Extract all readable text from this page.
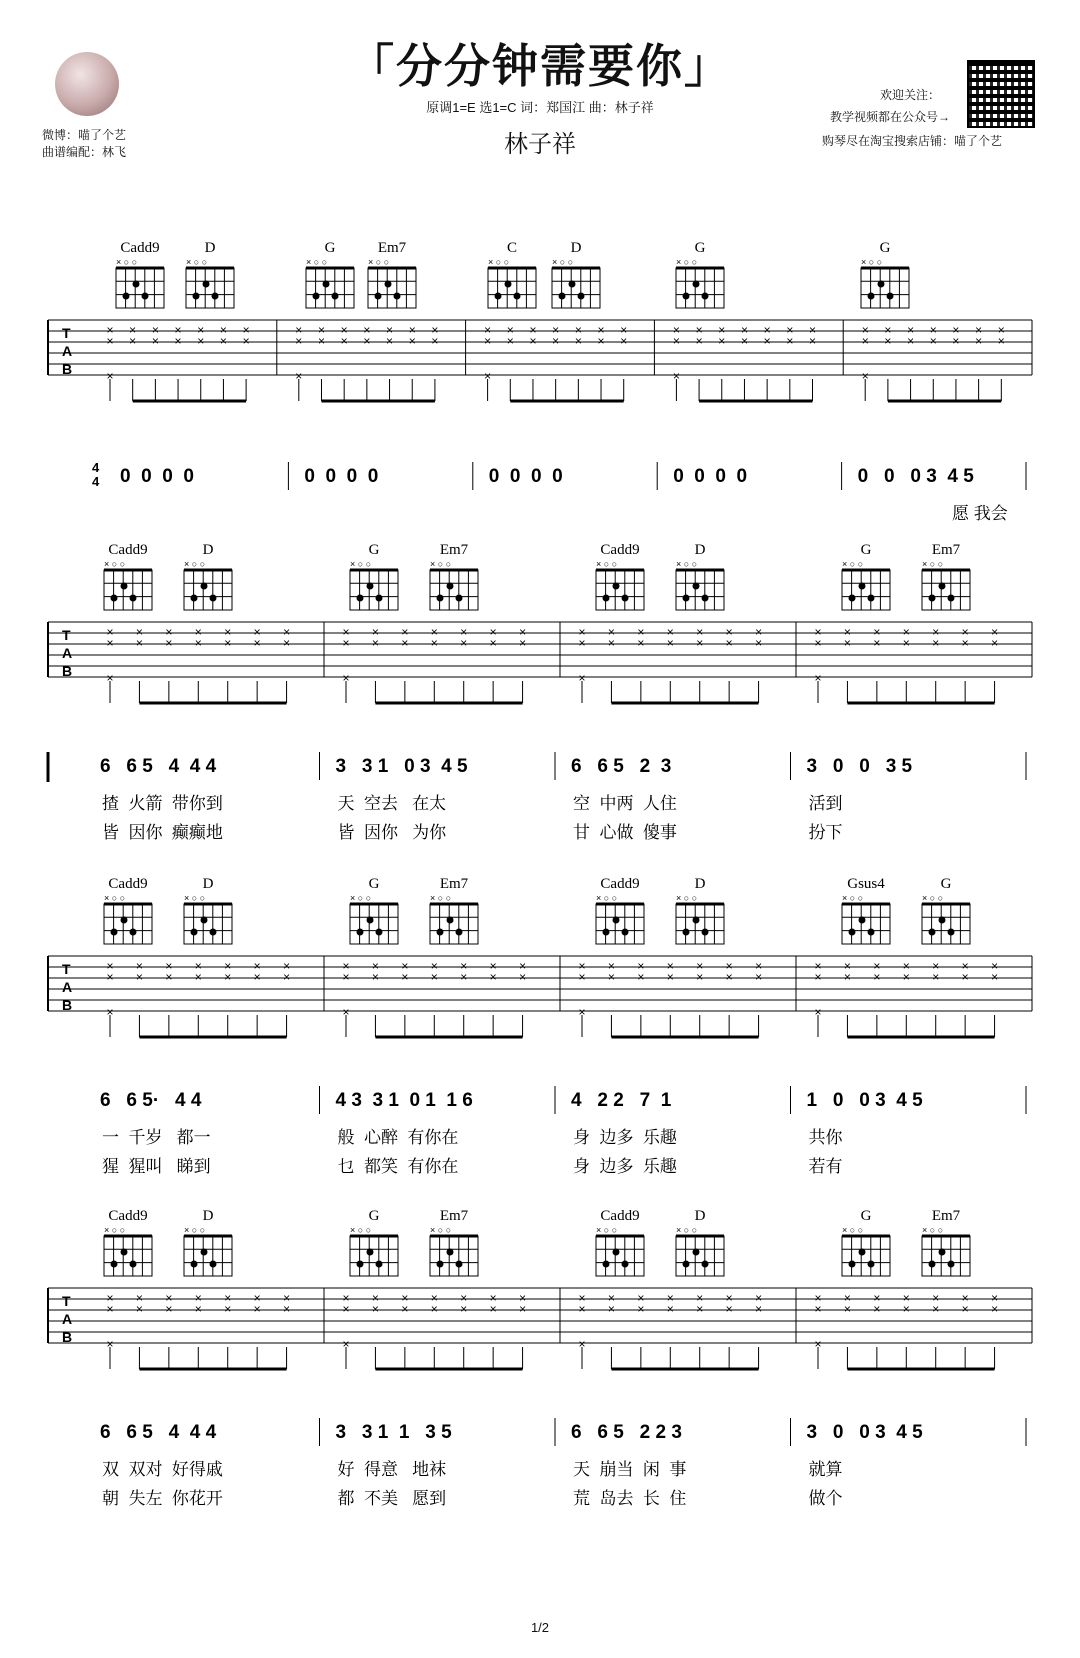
微博：喵了个艺
曲谱编配：林飞
「分分钟需要你」
原调1=E 选1=C 词：郑国江 曲：林子祥
林子祥
欢迎关注：
教学视频都在公众号→
购琴尽在淘宝搜索店铺：喵了个艺
Cadd9
× ○ ○
D
× ○ ○
G
× ○ ○
Em7
× ○ ○
C
× ○ ○
D
× ○ ○
G
× ○ ○
G
× ○ ○
T
A
B
×
×
×
×
×
×
×
×
×
×
×
×
×
×
×
×
×
×
×
×
×
×
×
×
×
×
×
×
×
×
×
×
×
×
×
×
×
×
×
×
×
×
×
×
×
×
×
×
×
×
×
×
×
×
×
×
×
×
×
×
×
×
×
×
×
×
×
×
×
×
×
×
×
×
×
4
4 0  0  0  0	0  0  0  0	0  0  0  0	0  0  0  0	0   0   0 3  4 5
愿 我会
Cadd9
× ○ ○
D
× ○ ○
G
× ○ ○
Em7
× ○ ○
Cadd9
× ○ ○
D
× ○ ○
G
× ○ ○
Em7
× ○ ○
T
A
B
×
×
×
×
×
×
×
×
×
×
×
×
×
×
×
×
×
×
×
×
×
×
×
×
×
×
×
×
×
×
×
×
×
×
×
×
×
×
×
×
×
×
×
×
×
×
×
×
×
×
×
×
×
×
×
×
×
×
×
×
6   6 5   4  4 4	3   3 1   0 3  4 5	6   6 5   2  3	3   0   0   3 5
揸  火箭  带你到	天  空去   在太	空  中两  人住	活到
皆  因你  癫癫地	皆  因你   为你	甘  心做  傻事	扮下
Cadd9
× ○ ○
D
× ○ ○
G
× ○ ○
Em7
× ○ ○
Cadd9
× ○ ○
D
× ○ ○
Gsus4
× ○ ○
G
× ○ ○
T
A
B
×
×
×
×
×
×
×
×
×
×
×
×
×
×
×
×
×
×
×
×
×
×
×
×
×
×
×
×
×
×
×
×
×
×
×
×
×
×
×
×
×
×
×
×
×
×
×
×
×
×
×
×
×
×
×
×
×
×
×
×
6   6 5·   4 4	4 3  3 1  0 1  1 6	4   2 2   7  1	1   0   0 3  4 5
一  千岁   都一	般  心醉  有你在	身  边多  乐趣	共你
猩  猩叫   睇到	乜  都笑  有你在	身  边多  乐趣	若有
Cadd9
× ○ ○
D
× ○ ○
G
× ○ ○
Em7
× ○ ○
Cadd9
× ○ ○
D
× ○ ○
G
× ○ ○
Em7
× ○ ○
T
A
B
×
×
×
×
×
×
×
×
×
×
×
×
×
×
×
×
×
×
×
×
×
×
×
×
×
×
×
×
×
×
×
×
×
×
×
×
×
×
×
×
×
×
×
×
×
×
×
×
×
×
×
×
×
×
×
×
×
×
×
×
6   6 5   4  4 4	3   3 1  1   3 5	6   6 5   2 2 3	3   0   0 3  4 5
双  双对  好得戚	好  得意   地袜	天  崩当  闲  事	就算
朝  失左  你花开	都  不美   愿到	荒  岛去  长  住	做个
1/2
